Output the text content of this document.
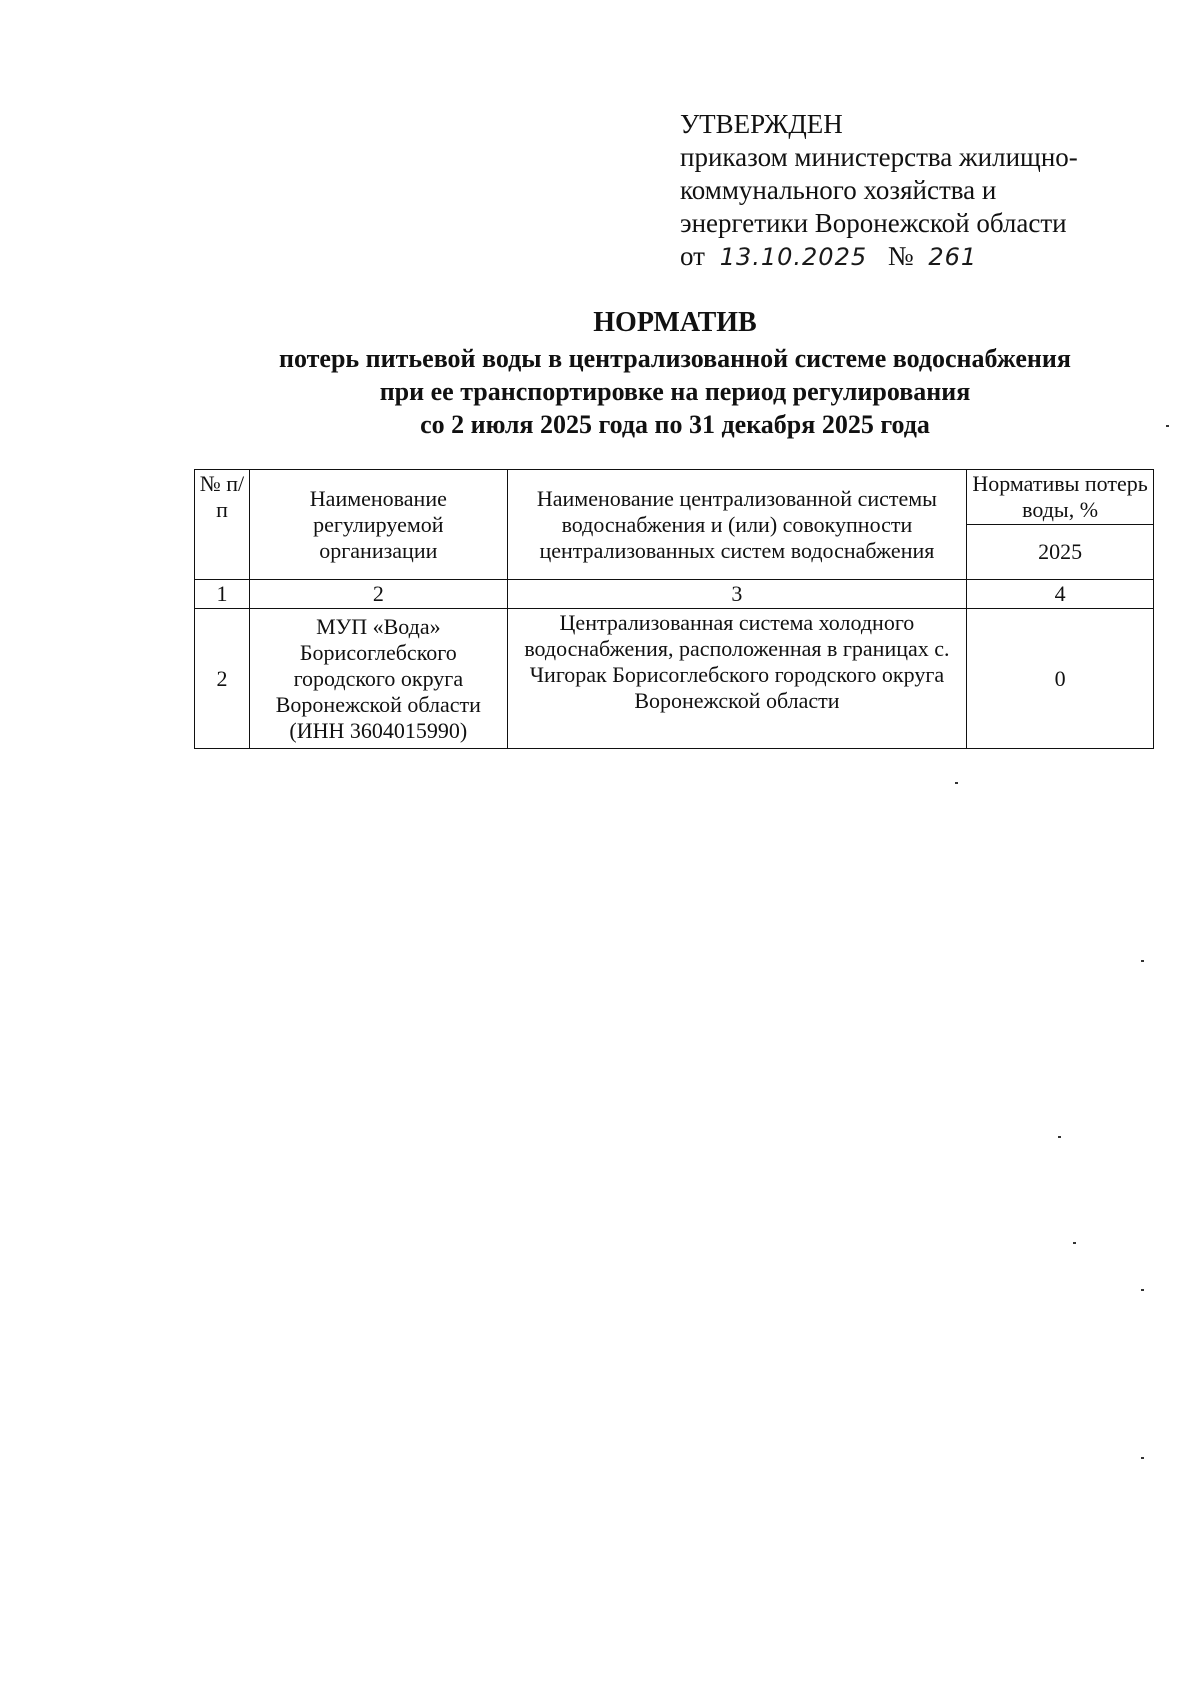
УТВЕРЖДЕН
приказом министерства жилищно-
коммунального хозяйства и
энергетики Воронежской области
от 13.10.2025 № 261
НОРМАТИВ
потерь питьевой воды в централизованной системе водоснабжения
при ее транспортировке на период регулирования
со 2 июля 2025 года по 31 декабря 2025 года
№ п/п	Наименование регулируемой организации	Наименование централизованной системы водоснабжения и (или) совокупности централизованных систем водоснабжения	Нормативы потерь воды, %
			2025
1	2	3	4
2	МУП «Вода» Борисоглебского городского округа Воронежской области (ИНН 3604015990)	Централизованная система холодного водоснабжения, расположенная в границах с. Чигорак Борисоглебского городского округа Воронежской области	0
